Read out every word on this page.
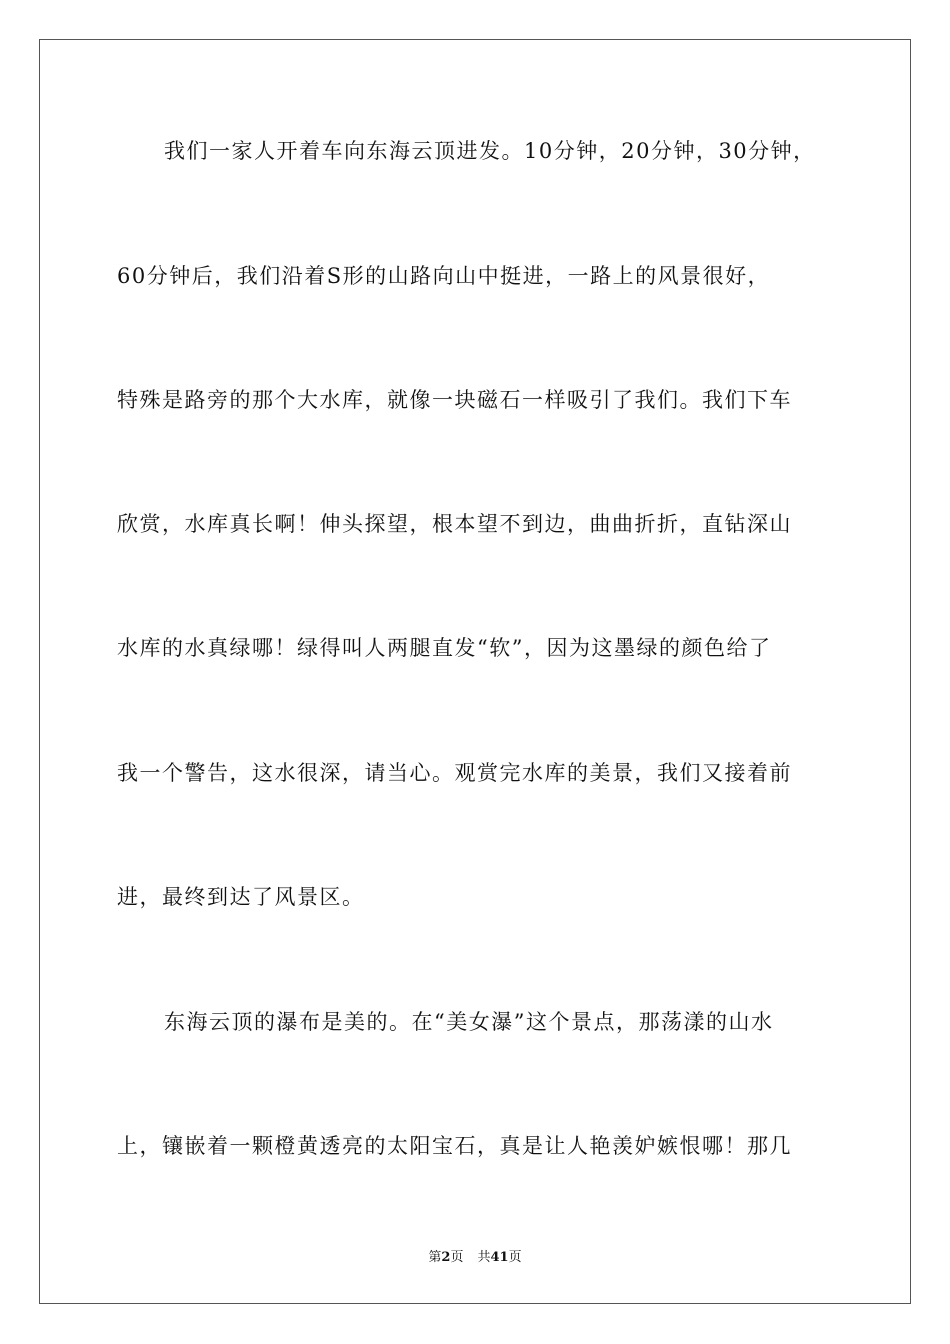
我们一家人开着车向东海云顶进发。10分钟，20分钟，30分钟，
60分钟后，我们沿着S形的山路向山中挺进，一路上的风景很好，
特殊是路旁的那个大水库，就像一块磁石一样吸引了我们。我们下车
欣赏，水库真长啊！伸头探望，根本望不到边，曲曲折折，直钻深山
水库的水真绿哪！绿得叫人两腿直发“软”，因为这墨绿的颜色给了
我一个警告，这水很深，请当心。观赏完水库的美景，我们又接着前
进，最终到达了风景区。
东海云顶的瀑布是美的。在“美女瀑”这个景点，那荡漾的山水
上，镶嵌着一颗橙黄透亮的太阳宝石，真是让人艳羡妒嫉恨哪！那几
第2页 共41页
